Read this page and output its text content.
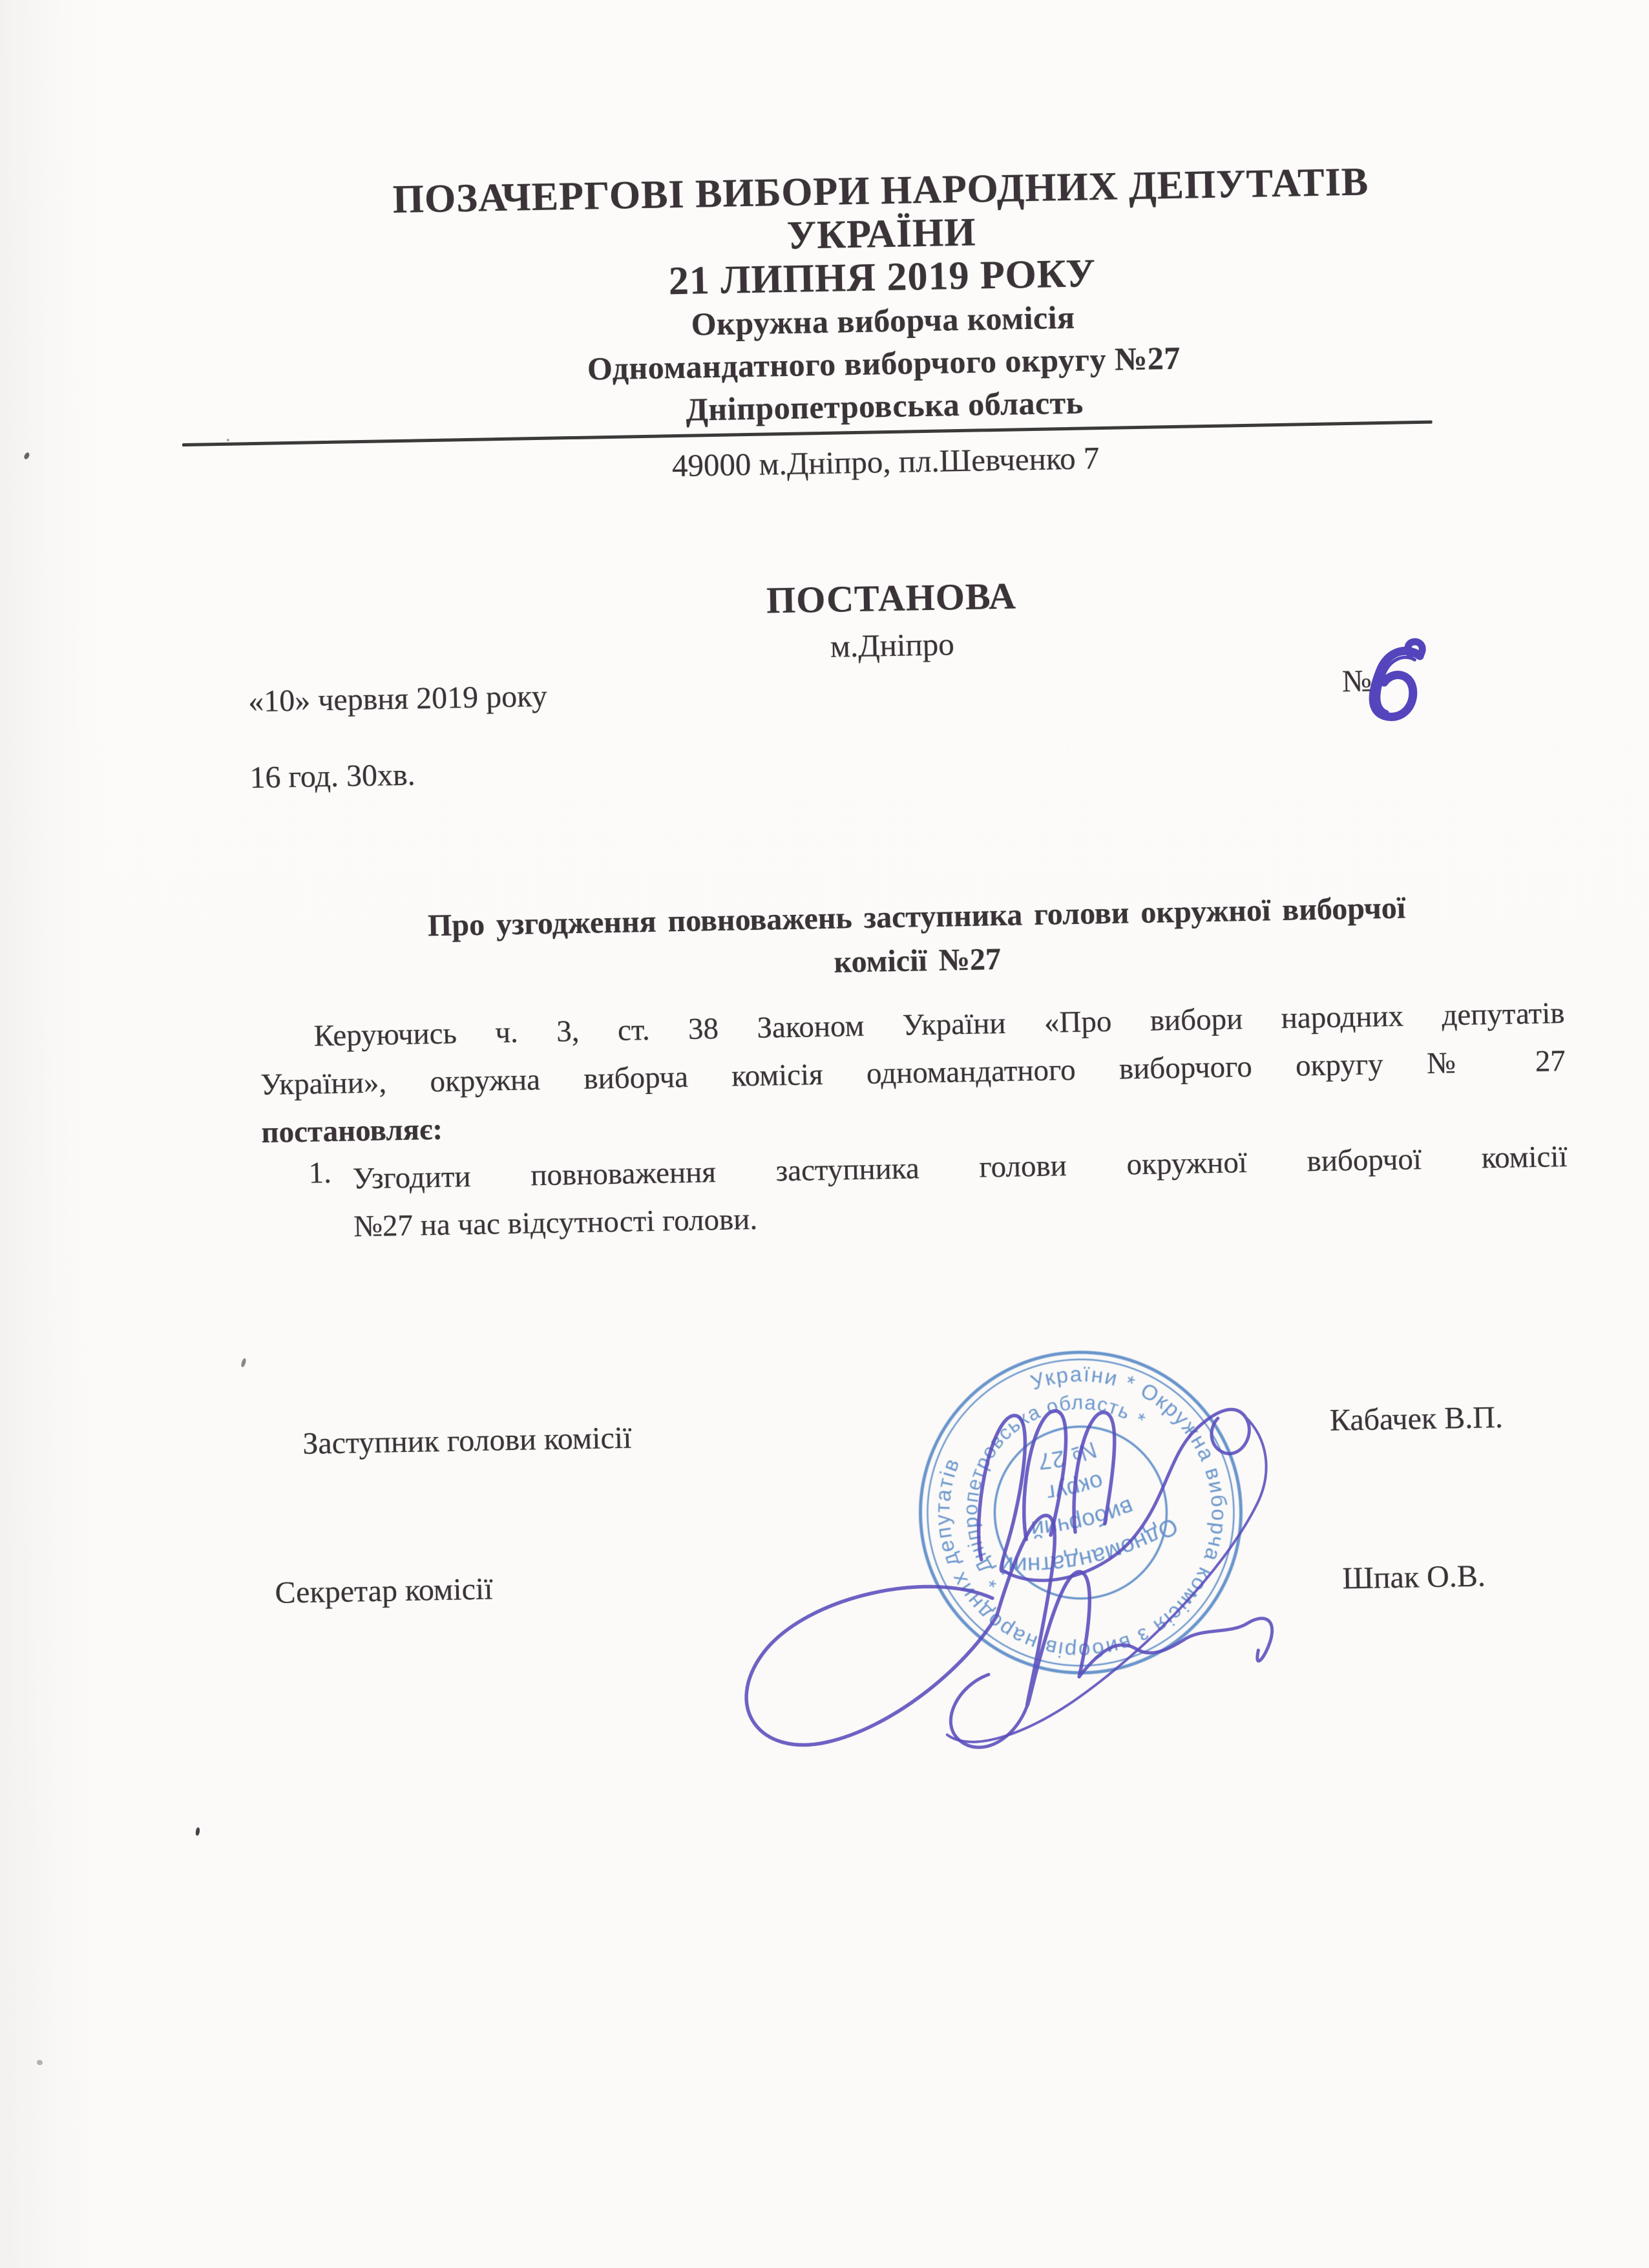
ПОЗАЧЕРГОВІ ВИБОРИ НАРОДНИХ ДЕПУТАТІВ
УКРАЇНИ
21 ЛИПНЯ 2019 РОКУ
Окружна виборча комісія
Одномандатного виборчого округу №27
Дніпропетровська область
49000 м.Дніпро, пл.Шевченко 7
ПОСТАНОВА
м.Дніпро
«10» червня 2019 року	№
16 год. 30хв.
Про узгодження повноважень заступника голови окружної виборчої
комісії №27
Керуючись ч. 3, ст. 38 Законом України «Про вибори народних депутатів
України», окружна виборча комісія одномандатного виборчого округу № 27
постановляє:
1. Узгодити повноваження заступника голови окружної виборчої комісії
№27 на час відсутності голови.
Заступник голови комісії
Кабачек В.П.
Секретар комісії	Шпак О.В.
України * Окружна виборча комісія з виборів народних депутатів
* Дніпропетровська область *
Одномандатний
виборчий
округ
№ 27
